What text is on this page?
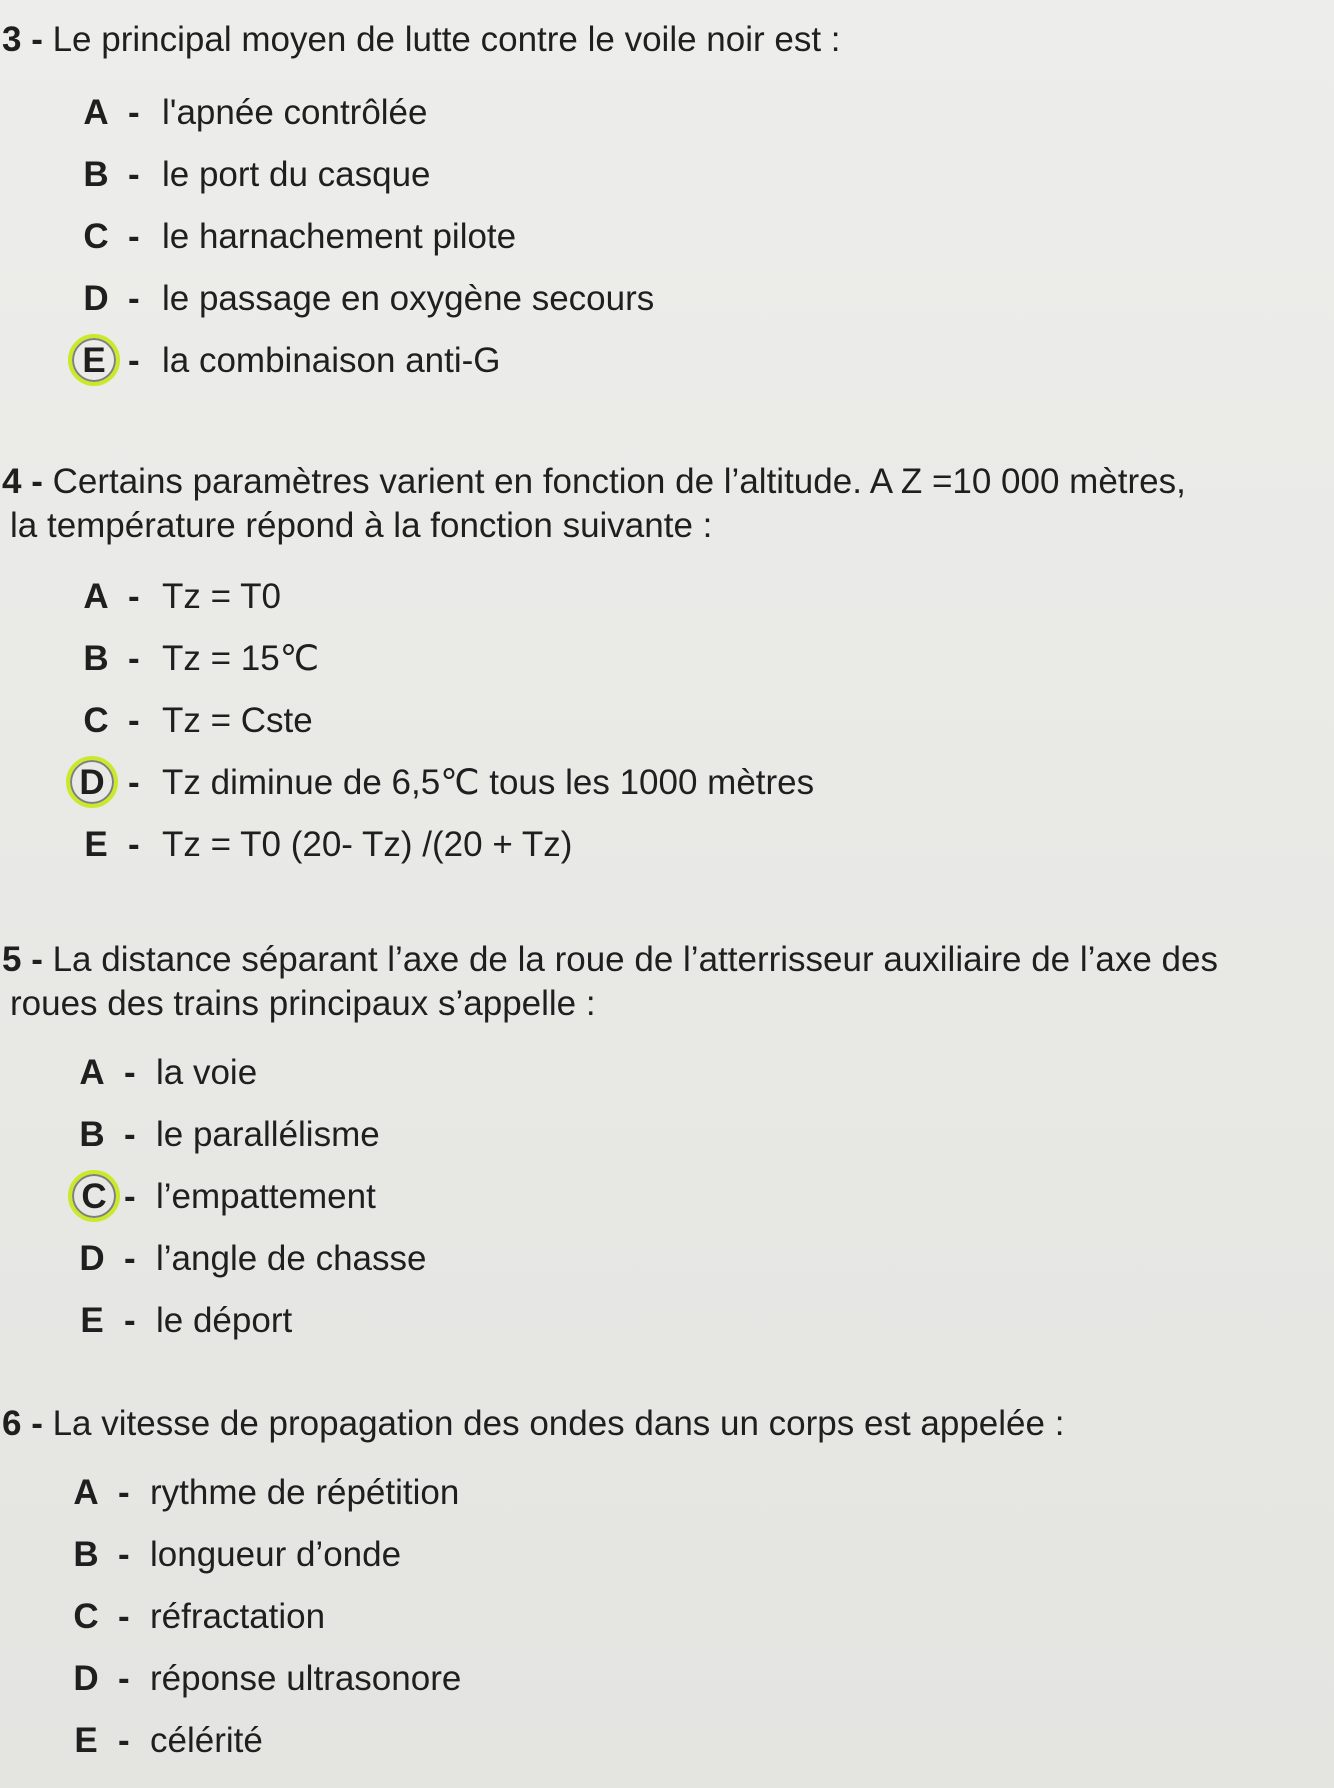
3 - Le principal moyen de lutte contre le voile noir est :

A - l'apnée contrôlée
B - le port du casque
C - le harnachement pilote
D - le passage en oxygène secours
E - la combinaison anti-G

4 - Certains paramètres varient en fonction de l’altitude. A Z =10 000 mètres,

la température répond à la fonction suivante :

A - Tz = T0
B - Tz = 15℃
C - Tz = Cste
D - Tz diminue de 6,5℃ tous les 1000 mètres
E - Tz = T0 (20- Tz) /(20 + Tz)

5 - La distance séparant l’axe de la roue de l’atterrisseur auxiliaire de l’axe des

roues des trains principaux s’appelle :

A - la voie
B - le parallélisme
C - l’empattement
D - l’angle de chasse
E - le déport

6 - La vitesse de propagation des ondes dans un corps est appelée :

A - rythme de répétition
B - longueur d’onde
C - réfractation
D - réponse ultrasonore
E - célérité
